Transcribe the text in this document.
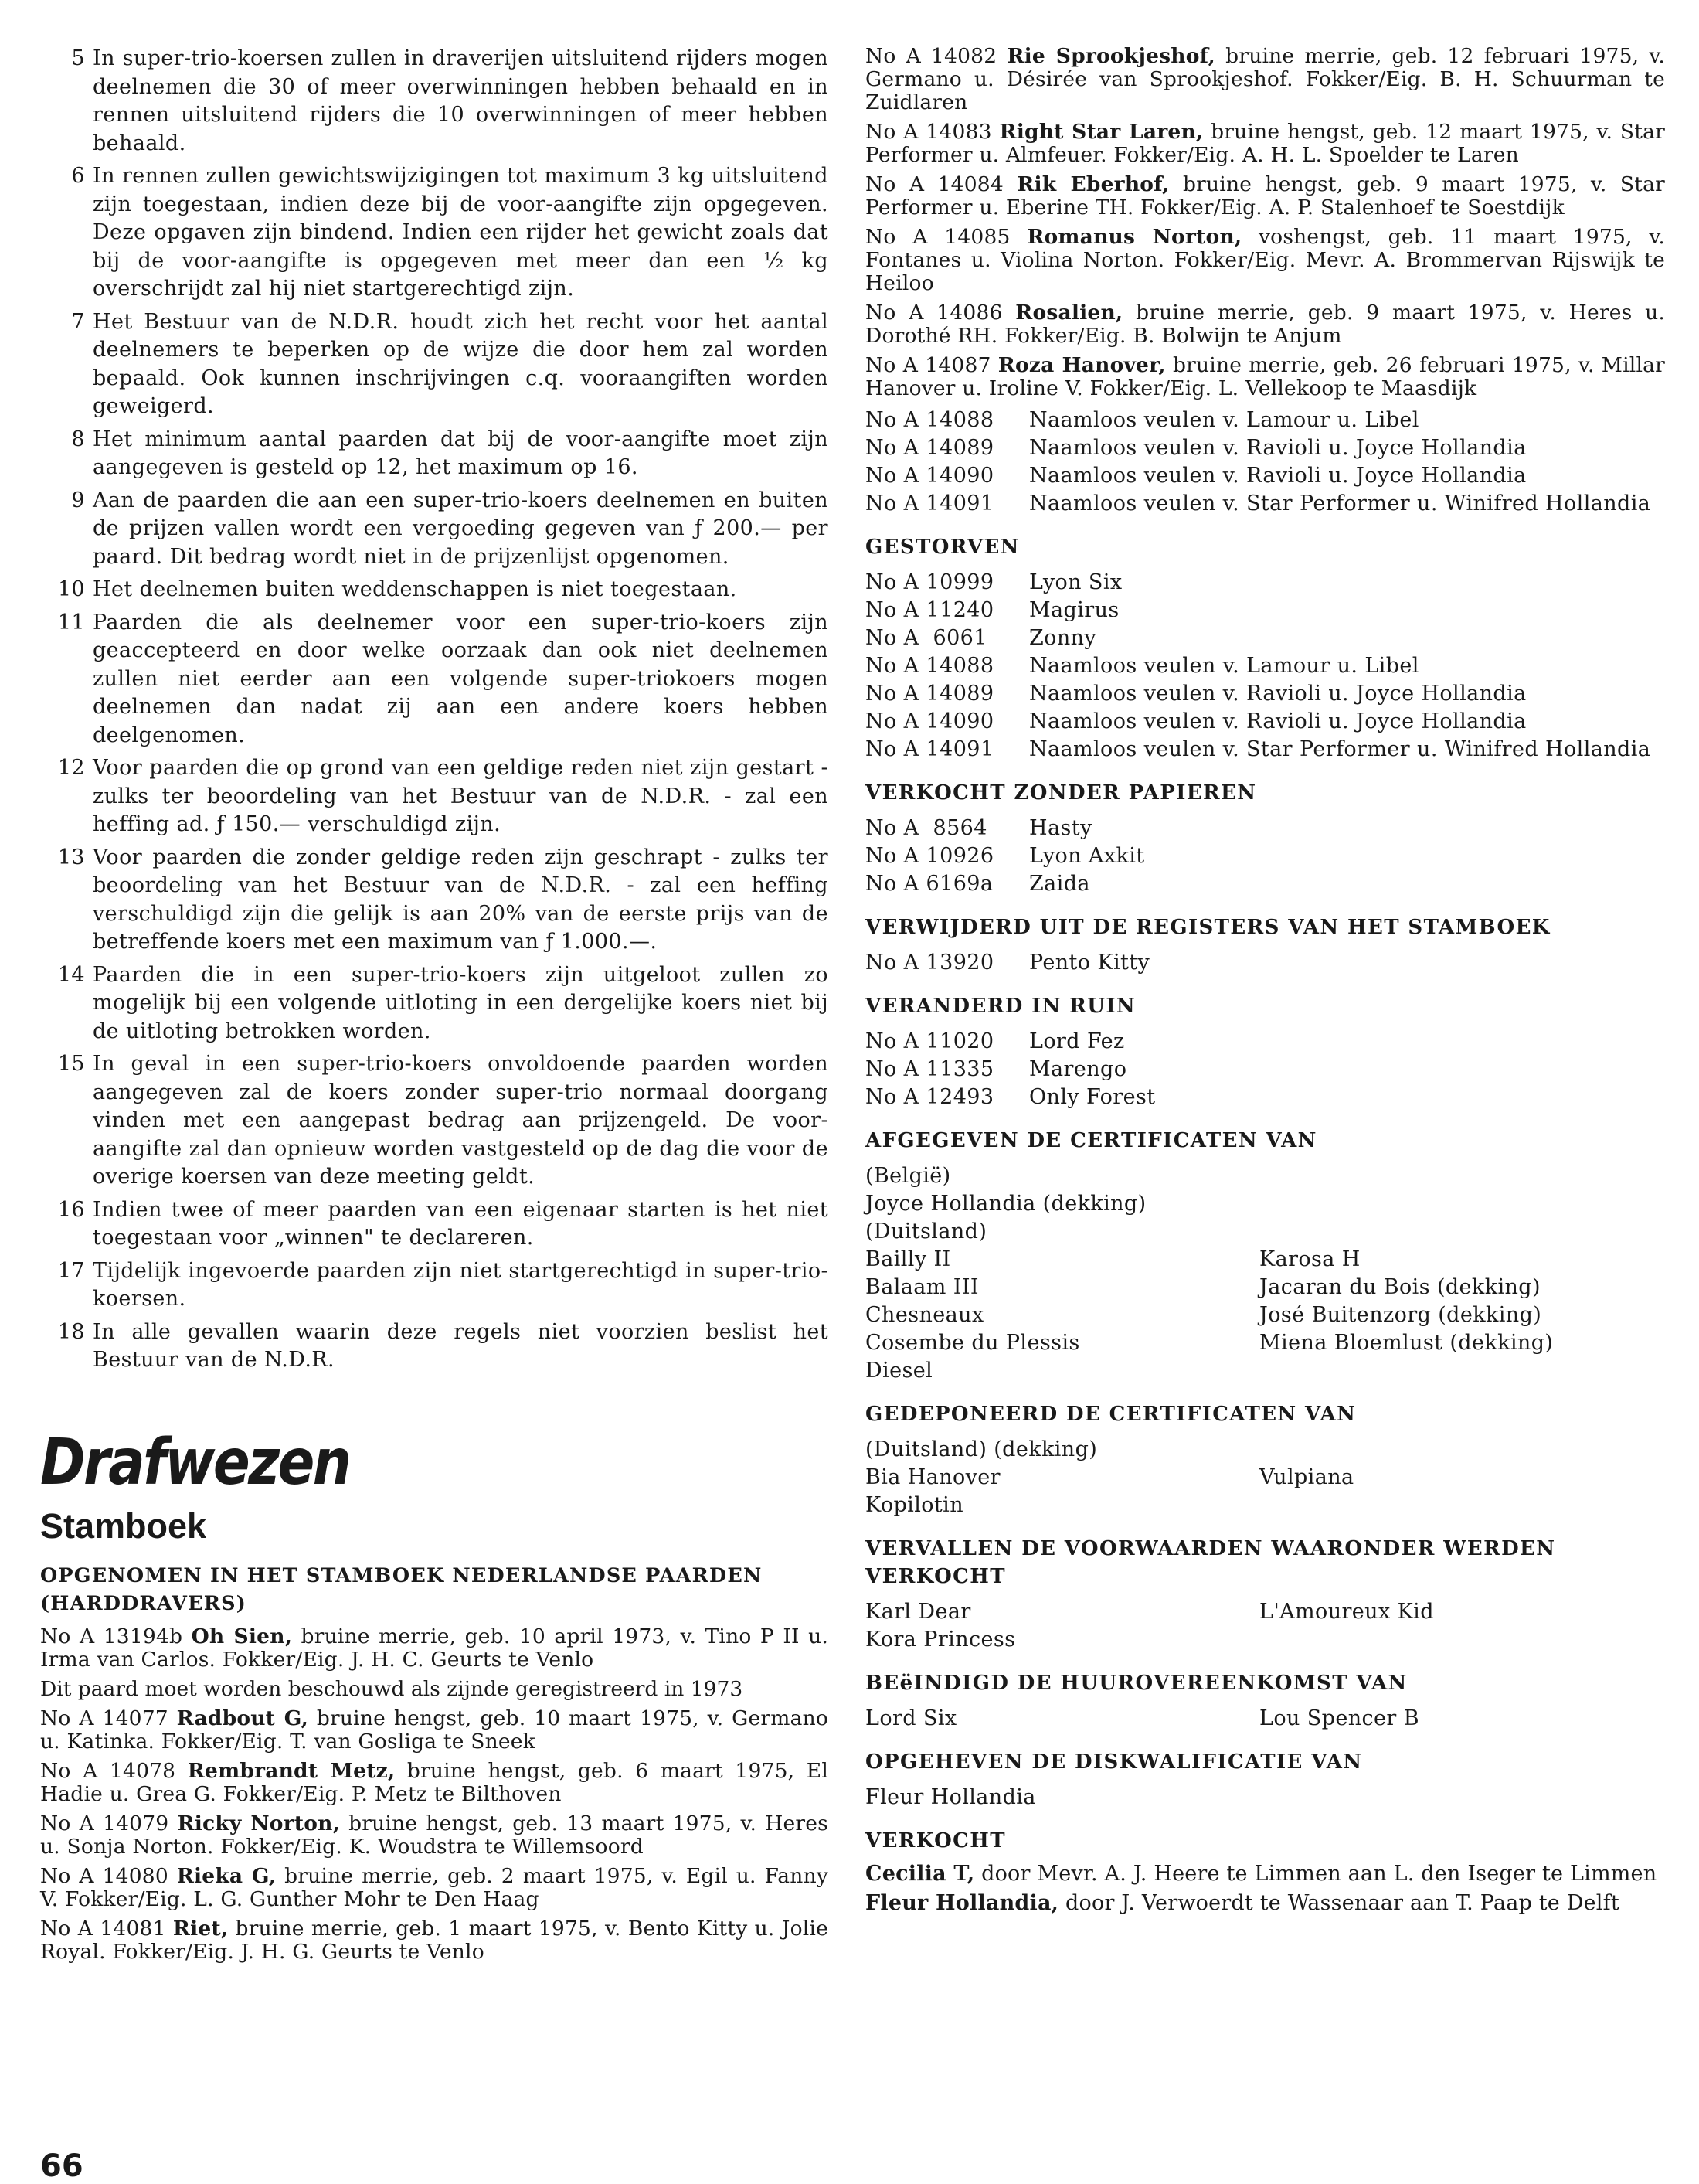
5 In super-trio-koersen zullen in draverijen uitsluitend rijders mogen deelnemen die 30 of meer overwinningen hebben behaald en in rennen uitsluitend rijders die 10 overwinningen of meer hebben behaald.
6 In rennen zullen gewichtswijzigingen tot maximum 3 kg uitsluitend zijn toegestaan, indien deze bij de voor-aangifte zijn opgegeven. Deze opgaven zijn bindend. Indien een rijder het gewicht zoals dat bij de voor-aangifte is opgegeven met meer dan een ½ kg overschrijdt zal hij niet startgerechtigd zijn.
7 Het Bestuur van de N.D.R. houdt zich het recht voor het aantal deelnemers te beperken op de wijze die door hem zal worden bepaald. Ook kunnen inschrijvingen c.q. vooraangiften worden geweigerd.
8 Het minimum aantal paarden dat bij de voor-aangifte moet zijn aangegeven is gesteld op 12, het maximum op 16.
9 Aan de paarden die aan een super-trio-koers deelnemen en buiten de prijzen vallen wordt een vergoeding gegeven van ƒ 200.— per paard. Dit bedrag wordt niet in de prijzenlijst opgenomen.
10 Het deelnemen buiten weddenschappen is niet toegestaan.
11 Paarden die als deelnemer voor een super-trio-koers zijn geaccepteerd en door welke oorzaak dan ook niet deelnemen zullen niet eerder aan een volgende super-triokoers mogen deelnemen dan nadat zij aan een andere koers hebben deelgenomen.
12 Voor paarden die op grond van een geldige reden niet zijn gestart - zulks ter beoordeling van het Bestuur van de N.D.R. - zal een heffing ad. ƒ 150.— verschuldigd zijn.
13 Voor paarden die zonder geldige reden zijn geschrapt - zulks ter beoordeling van het Bestuur van de N.D.R. - zal een heffing verschuldigd zijn die gelijk is aan 20% van de eerste prijs van de betreffende koers met een maximum van ƒ 1.000.—.
14 Paarden die in een super-trio-koers zijn uitgeloot zullen zo mogelijk bij een volgende uitloting in een dergelijke koers niet bij de uitloting betrokken worden.
15 In geval in een super-trio-koers onvoldoende paarden worden aangegeven zal de koers zonder super-trio normaal doorgang vinden met een aangepast bedrag aan prijzengeld. De voor-aangifte zal dan opnieuw worden vastgesteld op de dag die voor de overige koersen van deze meeting geldt.
16 Indien twee of meer paarden van een eigenaar starten is het niet toegestaan voor „winnen" te declareren.
17 Tijdelijk ingevoerde paarden zijn niet startgerechtigd in super-trio-koersen.
18 In alle gevallen waarin deze regels niet voorzien beslist het Bestuur van de N.D.R.
Drafwezen
Stamboek
OPGENOMEN IN HET STAMBOEK NEDERLANDSE PAARDEN (HARDDRAVERS)
No A 13194b Oh Sien, bruine merrie, geb. 10 april 1973, v. Tino P II u. Irma van Carlos. Fokker/Eig. J. H. C. Geurts te Venlo
Dit paard moet worden beschouwd als zijnde geregistreerd in 1973
No A 14077 Radbout G, bruine hengst, geb. 10 maart 1975, v. Germano u. Katinka. Fokker/Eig. T. van Gosliga te Sneek
No A 14078 Rembrandt Metz, bruine hengst, geb. 6 maart 1975, El Hadie u. Grea G. Fokker/Eig. P. Metz te Bilthoven
No A 14079 Ricky Norton, bruine hengst, geb. 13 maart 1975, v. Heres u. Sonja Norton. Fokker/Eig. K. Woudstra te Willemsoord
No A 14080 Rieka G, bruine merrie, geb. 2 maart 1975, v. Egil u. Fanny V. Fokker/Eig. L. G. Gunther Mohr te Den Haag
No A 14081 Riet, bruine merrie, geb. 1 maart 1975, v. Bento Kitty u. Jolie Royal. Fokker/Eig. J. H. G. Geurts te Venlo
No A 14082 Rie Sprookjeshof, bruine merrie, geb. 12 februari 1975, v. Germano u. Désirée van Sprookjeshof. Fokker/Eig. B. H. Schuurman te Zuidlaren
No A 14083 Right Star Laren, bruine hengst, geb. 12 maart 1975, v. Star Performer u. Almfeuer. Fokker/Eig. A. H. L. Spoelder te Laren
No A 14084 Rik Eberhof, bruine hengst, geb. 9 maart 1975, v. Star Performer u. Eberine TH. Fokker/Eig. A. P. Stalenhoef te Soestdijk
No A 14085 Romanus Norton, voshengst, geb. 11 maart 1975, v. Fontanes u. Violina Norton. Fokker/Eig. Mevr. A. Brommervan Rijswijk te Heiloo
No A 14086 Rosalien, bruine merrie, geb. 9 maart 1975, v. Heres u. Dorothé RH. Fokker/Eig. B. Bolwijn te Anjum
No A 14087 Roza Hanover, bruine merrie, geb. 26 februari 1975, v. Millar Hanover u. Iroline V. Fokker/Eig. L. Vellekoop te Maasdijk
No A 14088	Naamloos veulen v. Lamour u. Libel
No A 14089	Naamloos veulen v. Ravioli u. Joyce Hollandia
No A 14090	Naamloos veulen v. Ravioli u. Joyce Hollandia
No A 14091	Naamloos veulen v. Star Performer u. Winifred Hollandia
GESTORVEN
No A 10999	Lyon Six
No A 11240	Magirus
No A  6061	Zonny
No A 14088	Naamloos veulen v. Lamour u. Libel
No A 14089	Naamloos veulen v. Ravioli u. Joyce Hollandia
No A 14090	Naamloos veulen v. Ravioli u. Joyce Hollandia
No A 14091	Naamloos veulen v. Star Performer u. Winifred Hollandia
VERKOCHT ZONDER PAPIEREN
No A  8564	Hasty
No A 10926	Lyon Axkit
No A 6169a	Zaida
VERWIJDERD UIT DE REGISTERS VAN HET STAMBOEK
No A 13920	Pento Kitty
VERANDERD IN RUIN
No A 11020	Lord Fez
No A 11335	Marengo
No A 12493	Only Forest
AFGEGEVEN DE CERTIFICATEN VAN
(België)
Joyce Hollandia (dekking)
(Duitsland)
Bailly II	Karosa H
Balaam III	Jacaran du Bois (dekking)
Chesneaux	José Buitenzorg (dekking)
Cosembe du Plessis	Miena Bloemlust (dekking)
Diesel
GEDEPONEERD DE CERTIFICATEN VAN
(Duitsland) (dekking)
Bia Hanover	Vulpiana
Kopilotin
VERVALLEN DE VOORWAARDEN WAARONDER WERDEN VERKOCHT
Karl Dear	L'Amoureux Kid
Kora Princess
BEëINDIGD DE HUUROVEREENKOMST VAN
Lord Six	Lou Spencer B
OPGEHEVEN DE DISKWALIFICATIE VAN
Fleur Hollandia
VERKOCHT
Cecilia T, door Mevr. A. J. Heere te Limmen aan L. den Iseger te Limmen
Fleur Hollandia, door J. Verwoerdt te Wassenaar aan T. Paap te Delft
66
